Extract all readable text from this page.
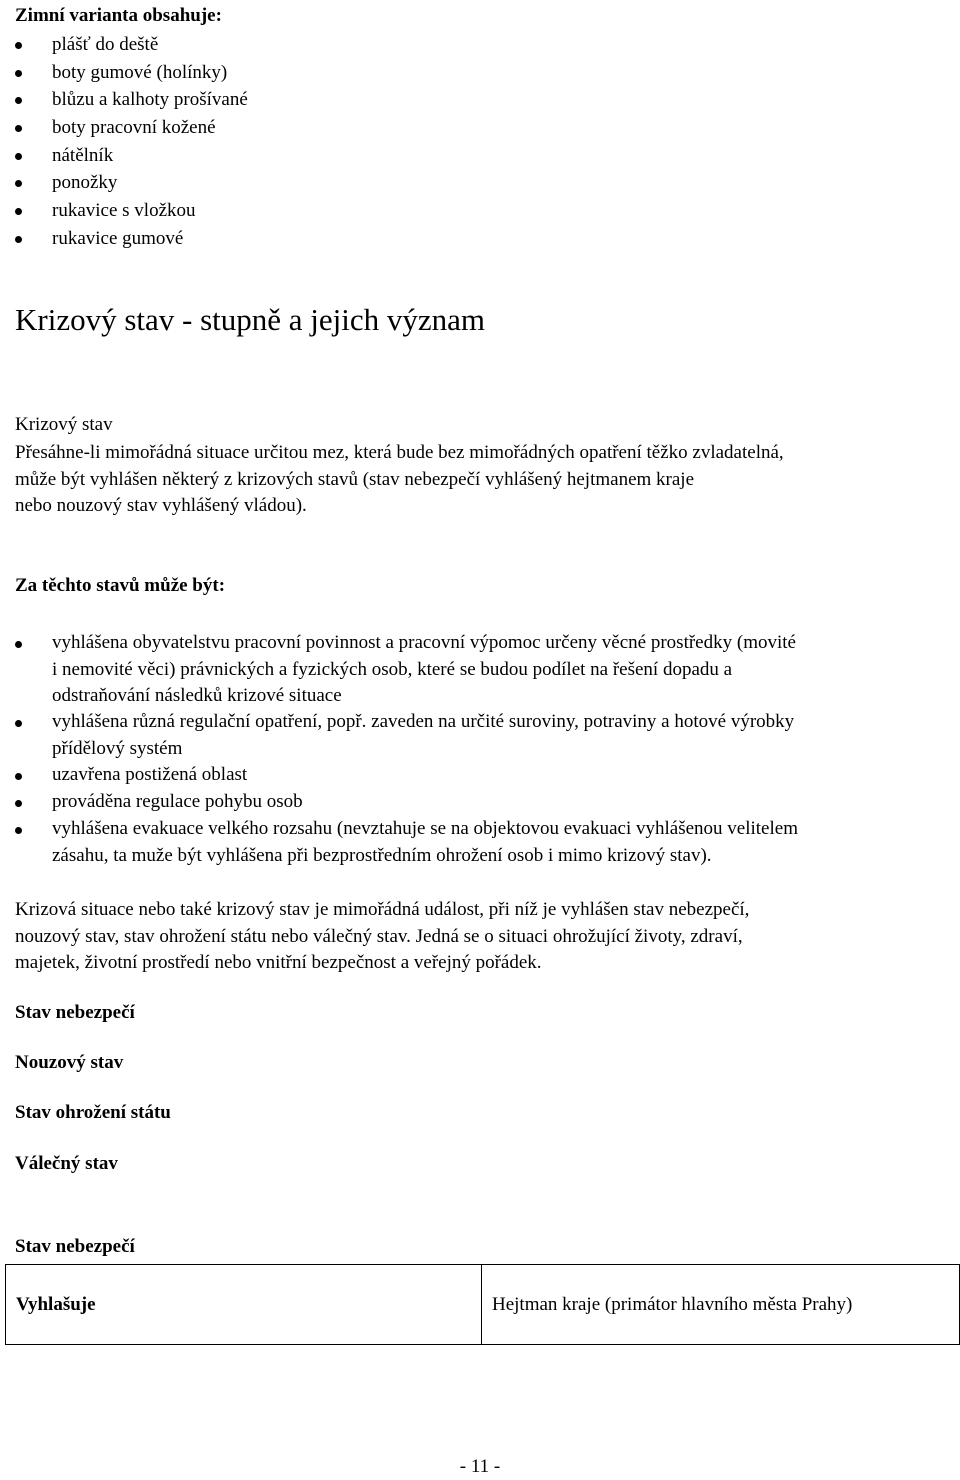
Zimní varianta obsahuje:
plášť do deště
boty gumové (holínky)
blůzu a kalhoty prošívané
boty pracovní kožené
nátělník
ponožky
rukavice s vložkou
rukavice gumové
Krizový stav - stupně a jejich význam
Krizový stav
Přesáhne-li mimořádná situace určitou mez, která bude bez mimořádných opatření těžko zvladatelná,
může být vyhlášen některý z krizových stavů (stav nebezpečí vyhlášený hejtmanem kraje
nebo nouzový stav vyhlášený vládou).
Za těchto stavů může být:
vyhlášena obyvatelstvu pracovní povinnost a pracovní výpomoc určeny věcné prostředky (movité
i nemovité věci) právnických a fyzických osob, které se budou podílet na řešení dopadu a
odstraňování následků krizové situace
vyhlášena různá regulační opatření, popř. zaveden na určité suroviny, potraviny a hotové výrobky
přídělový systém
uzavřena postižená oblast
prováděna regulace pohybu osob
vyhlášena evakuace velkého rozsahu (nevztahuje se na objektovou evakuaci vyhlášenou velitelem
zásahu, ta muže být vyhlášena při bezprostředním ohrožení osob i mimo krizový stav).
Krizová situace nebo také krizový stav je mimořádná událost, při níž je vyhlášen stav nebezpečí,
nouzový stav, stav ohrožení státu nebo válečný stav. Jedná se o situaci ohrožující životy, zdraví,
majetek, životní prostředí nebo vnitřní bezpečnost a veřejný pořádek.
Stav nebezpečí
Nouzový stav
Stav ohrožení státu
Válečný stav
Stav nebezpečí
Vyhlašuje	Hejtman kraje (primátor hlavního města Prahy)
- 11 -
